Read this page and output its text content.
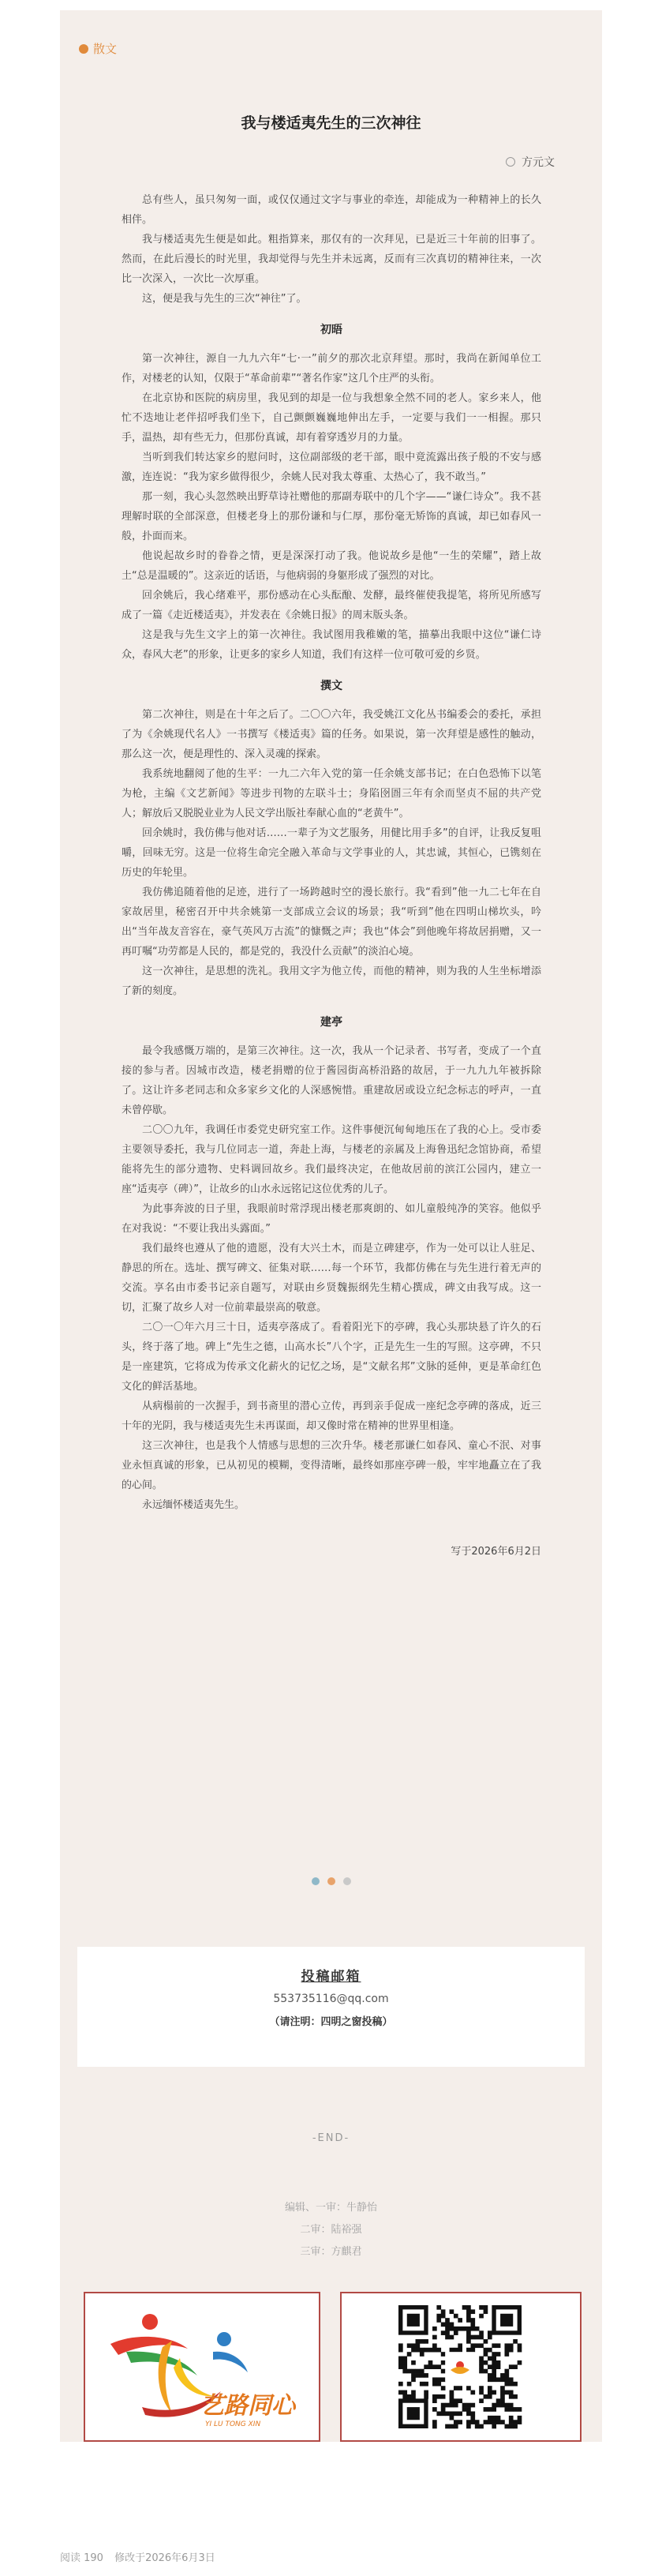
散文
我与楼适夷先生的三次神往
方元文
总有些人，虽只匆匆一面，或仅仅通过文字与事业的牵连，却能成为一种精神上的长久相伴。
我与楼适夷先生便是如此。粗指算来，那仅有的一次拜见，已是近三十年前的旧事了。然而，在此后漫长的时光里，我却觉得与先生并未远离，反而有三次真切的精神往来，一次比一次深入，一次比一次厚重。
这，便是我与先生的三次“神往”了。
初晤
第一次神往，源自一九九六年“七·一”前夕的那次北京拜望。那时，我尚在新闻单位工作，对楼老的认知，仅限于“革命前辈”“著名作家”这几个庄严的头衔。
在北京协和医院的病房里，我见到的却是一位与我想象全然不同的老人。家乡来人，他忙不迭地让老伴招呼我们坐下，自己颤颤巍巍地伸出左手，一定要与我们一一相握。那只手，温热，却有些无力，但那份真诚，却有着穿透岁月的力量。
当听到我们转达家乡的慰问时，这位副部级的老干部，眼中竟流露出孩子般的不安与感激，连连说：“我为家乡做得很少，余姚人民对我太尊重、太热心了，我不敢当。”
那一刻，我心头忽然映出野草诗社赠他的那副寿联中的几个字——“谦仁诗众”。我不甚理解时联的全部深意，但楼老身上的那份谦和与仁厚，那份毫无矫饰的真诚，却已如春风一般，扑面而来。
他说起故乡时的眷眷之情，更是深深打动了我。他说故乡是他“一生的荣耀”，踏上故土“总是温暖的”。这亲近的话语，与他病弱的身躯形成了强烈的对比。
回余姚后，我心绪难平，那份感动在心头酝酿、发酵，最终催使我提笔，将所见所感写成了一篇《走近楼适夷》，并发表在《余姚日报》的周末版头条。
这是我与先生文字上的第一次神往。我试图用我稚嫩的笔，描摹出我眼中这位“谦仁诗众，春风大老”的形象，让更多的家乡人知道，我们有这样一位可敬可爱的乡贤。
撰文
第二次神往，则是在十年之后了。二〇〇六年，我受姚江文化丛书编委会的委托，承担了为《余姚现代名人》一书撰写《楼适夷》篇的任务。如果说，第一次拜望是感性的触动，那么这一次，便是理性的、深入灵魂的探索。
我系统地翻阅了他的生平：一九二六年入党的第一任余姚支部书记；在白色恐怖下以笔为枪，主编《文艺新闻》等进步刊物的左联斗士；身陷囹圄三年有余而坚贞不屈的共产党人；解放后又脱脱业业为人民文学出版社奉献心血的“老黄牛”。
回余姚时，我仿佛与他对话……一辈子为文艺服务，用健比用手多”的自评，让我反复咀嚼，回味无穷。这是一位将生命完全融入革命与文学事业的人，其忠诚，其恒心，已镌刻在历史的年轮里。
我仿佛追随着他的足迹，进行了一场跨越时空的漫长旅行。我“看到”他一九二七年在自家故居里，秘密召开中共余姚第一支部成立会议的场景；我“听到”他在四明山梯坎头，吟出“当年战友音容在，豪气英风万古流”的慷慨之声；我也“体会”到他晚年将故居捐赠，又一再叮嘱“功劳都是人民的，都是党的，我没什么贡献”的淡泊心境。
这一次神往，是思想的洗礼。我用文字为他立传，而他的精神，则为我的人生坐标增添了新的刻度。
建亭
最令我感慨万端的，是第三次神往。这一次，我从一个记录者、书写者，变成了一个直接的参与者。因城市改造，楼老捐赠的位于酱园街高桥沿路的故居，于一九九九年被拆除了。这让许多老同志和众多家乡文化的人深感惋惜。重建故居或设立纪念标志的呼声，一直未曾停歇。
二〇〇九年，我调任市委党史研究室工作。这件事便沉甸甸地压在了我的心上。受市委主要领导委托，我与几位同志一道，奔赴上海，与楼老的亲属及上海鲁迅纪念馆协商，希望能将先生的部分遗物、史料调回故乡。我们最终决定，在他故居前的滨江公园内，建立一座“适夷亭（碑）”，让故乡的山水永远铭记这位优秀的儿子。
为此事奔波的日子里，我眼前时常浮现出楼老那爽朗的、如儿童般纯净的笑容。他似乎在对我说：“不要让我出头露面。”
我们最终也遵从了他的遗愿，没有大兴土木，而是立碑建亭，作为一处可以让人驻足、静思的所在。选址、撰写碑文、征集对联……每一个环节，我都仿佛在与先生进行着无声的交流。享名由市委书记亲自题写，对联由乡贤魏振纲先生精心撰成，碑文由我写成。这一切，汇聚了故乡人对一位前辈最崇高的敬意。
二〇一〇年六月三十日，适夷亭落成了。看着阳光下的亭碑，我心头那块悬了许久的石头，终于落了地。碑上“先生之德，山高水长”八个字，正是先生一生的写照。这亭碑，不只是一座建筑，它将成为传承文化薪火的记忆之场，是“文献名邦”文脉的延伸，更是革命红色文化的鲜活基地。
从病榻前的一次握手，到书斋里的潜心立传，再到亲手促成一座纪念亭碑的落成，近三十年的光阴，我与楼适夷先生未再谋面，却又像时常在精神的世界里相逢。
这三次神往，也是我个人情感与思想的三次升华。楼老那谦仁如春风、童心不泯、对事业永恒真诚的形象，已从初见的模糊，变得清晰，最终如那座亭碑一般，牢牢地矗立在了我的心间。
永远缅怀楼适夷先生。
写于2026年6月2日
投稿邮箱
553735116@qq.com
（请注明：四明之窗投稿）
-END-
编辑、一审：牛静怡
二审：陆裕强
三审：方麒君
艺路同心
YI LU TONG XIN
阅读 190 修改于2026年6月3日
